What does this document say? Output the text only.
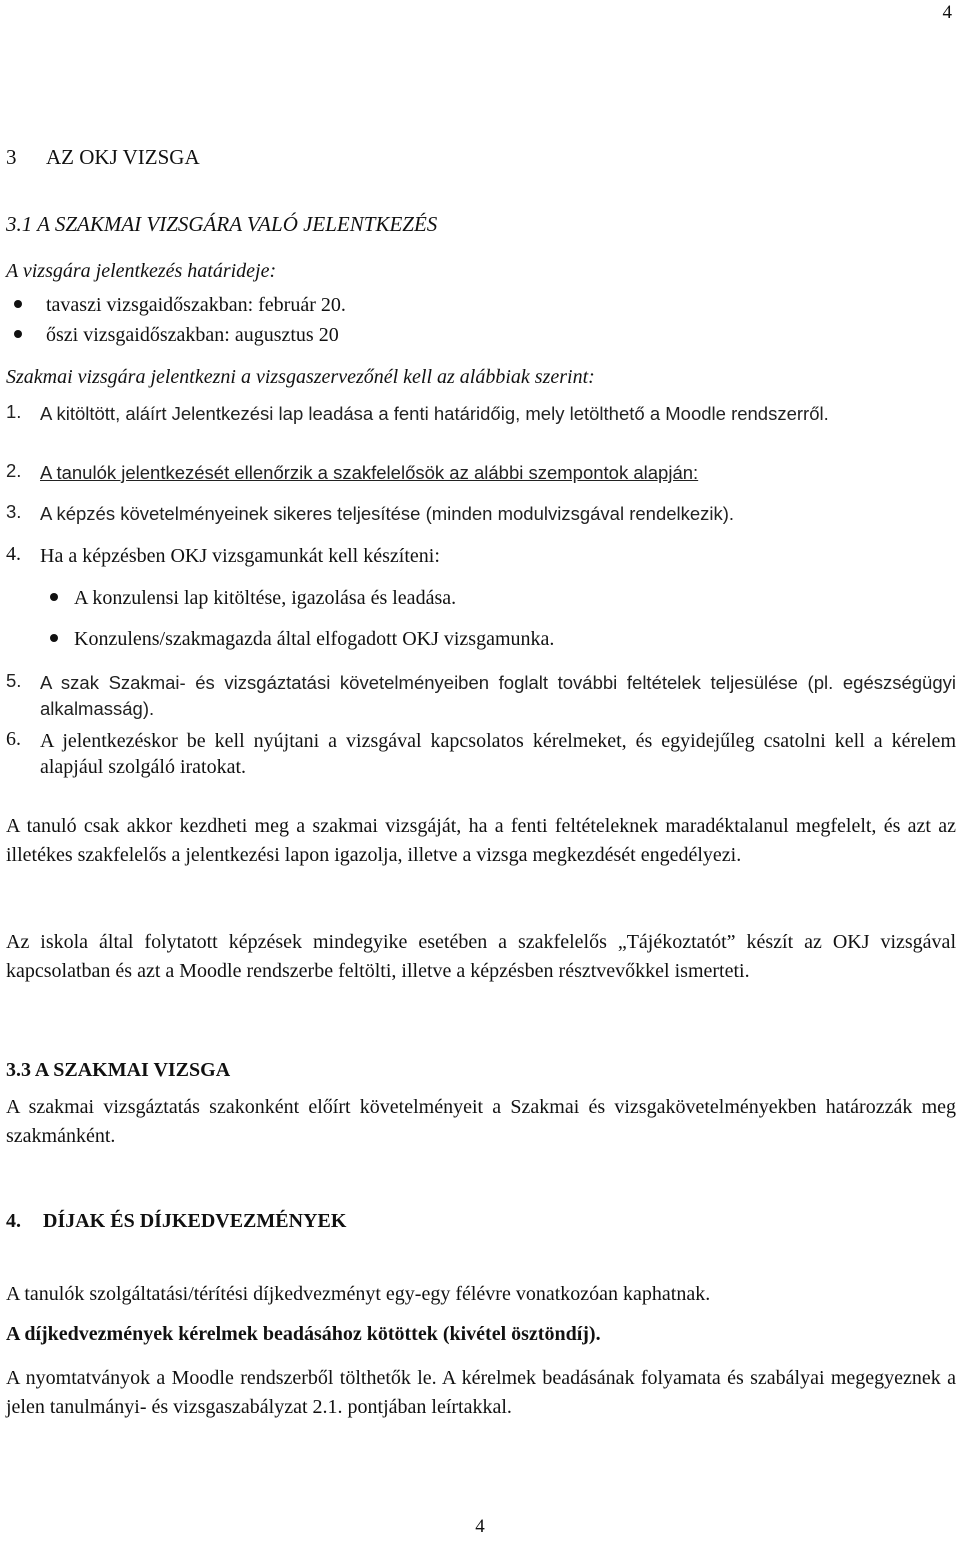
4
3 AZ OKJ VIZSGA
3.1 A SZAKMAI VIZSGÁRA VALÓ JELENTKEZÉS
A vizsgára jelentkezés határideje:
tavaszi vizsgaidőszakban: február 20.
őszi vizsgaidőszakban: augusztus 20
Szakmai vizsgára jelentkezni a vizsgaszervezőnél kell az alábbiak szerint:
1. A kitöltött, aláírt Jelentkezési lap leadása a fenti határidőig, mely letölthető a Moodle rendszerről.
2. A tanulók jelentkezését ellenőrzik a szakfelelősök az alábbi szempontok alapján:
3. A képzés követelményeinek sikeres teljesítése (minden modulvizsgával rendelkezik).
4. Ha a képzésben OKJ vizsgamunkát kell készíteni:
A konzulensi lap kitöltése, igazolása és leadása.
Konzulens/szakmagazda által elfogadott OKJ vizsgamunka.
5. A szak Szakmai- és vizsgáztatási követelményeiben foglalt további feltételek teljesülése (pl. egészségügyi alkalmasság).
6. A jelentkezéskor be kell nyújtani a vizsgával kapcsolatos kérelmeket, és egyidejűleg csatolni kell a kérelem alapjául szolgáló iratokat.
A tanuló csak akkor kezdheti meg a szakmai vizsgáját, ha a fenti feltételeknek maradéktalanul megfelelt, és azt az illetékes szakfelelős a jelentkezési lapon igazolja, illetve a vizsga megkezdését engedélyezi.
Az iskola által folytatott képzések mindegyike esetében a szakfelelős „Tájékoztatót” készít az OKJ vizsgával kapcsolatban és azt a Moodle rendszerbe feltölti, illetve a képzésben résztvevőkkel ismerteti.
3.3 A SZAKMAI VIZSGA
A szakmai vizsgáztatás szakonként előírt követelményeit a Szakmai és vizsgakövetelményekben határozzák meg szakmánként.
4. DÍJAK ÉS DÍJKEDVEZMÉNYEK
A tanulók szolgáltatási/térítési díjkedvezményt egy-egy félévre vonatkozóan kaphatnak.
A díjkedvezmények kérelmek beadásához kötöttek (kivétel ösztöndíj).
A nyomtatványok a Moodle rendszerből tölthetők le. A kérelmek beadásának folyamata és szabályai megegyeznek a jelen tanulmányi- és vizsgaszabályzat 2.1. pontjában leírtakkal.
4
